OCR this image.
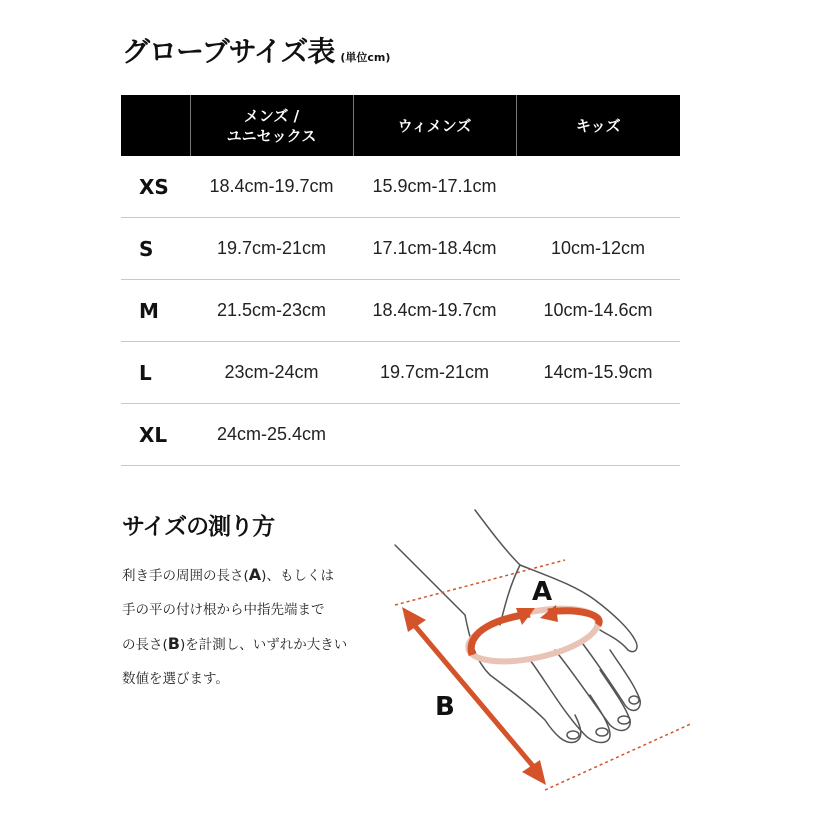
グローブサイズ表 (単位cm)
	メンズ /
ユニセックス	ウィメンズ	キッズ
XS	18.4cm-19.7cm	15.9cm-17.1cm	
S	19.7cm-21cm	17.1cm-18.4cm	10cm-12cm
M	21.5cm-23cm	18.4cm-19.7cm	10cm-14.6cm
L	23cm-24cm	19.7cm-21cm	14cm-15.9cm
XL	24cm-25.4cm		
サイズの測り方
利き手の周囲の長さ(A)、もしくは
手の平の付け根から中指先端まで
の長さ(B)を計測し、いずれか大きい
数値を選びます。
A
B
